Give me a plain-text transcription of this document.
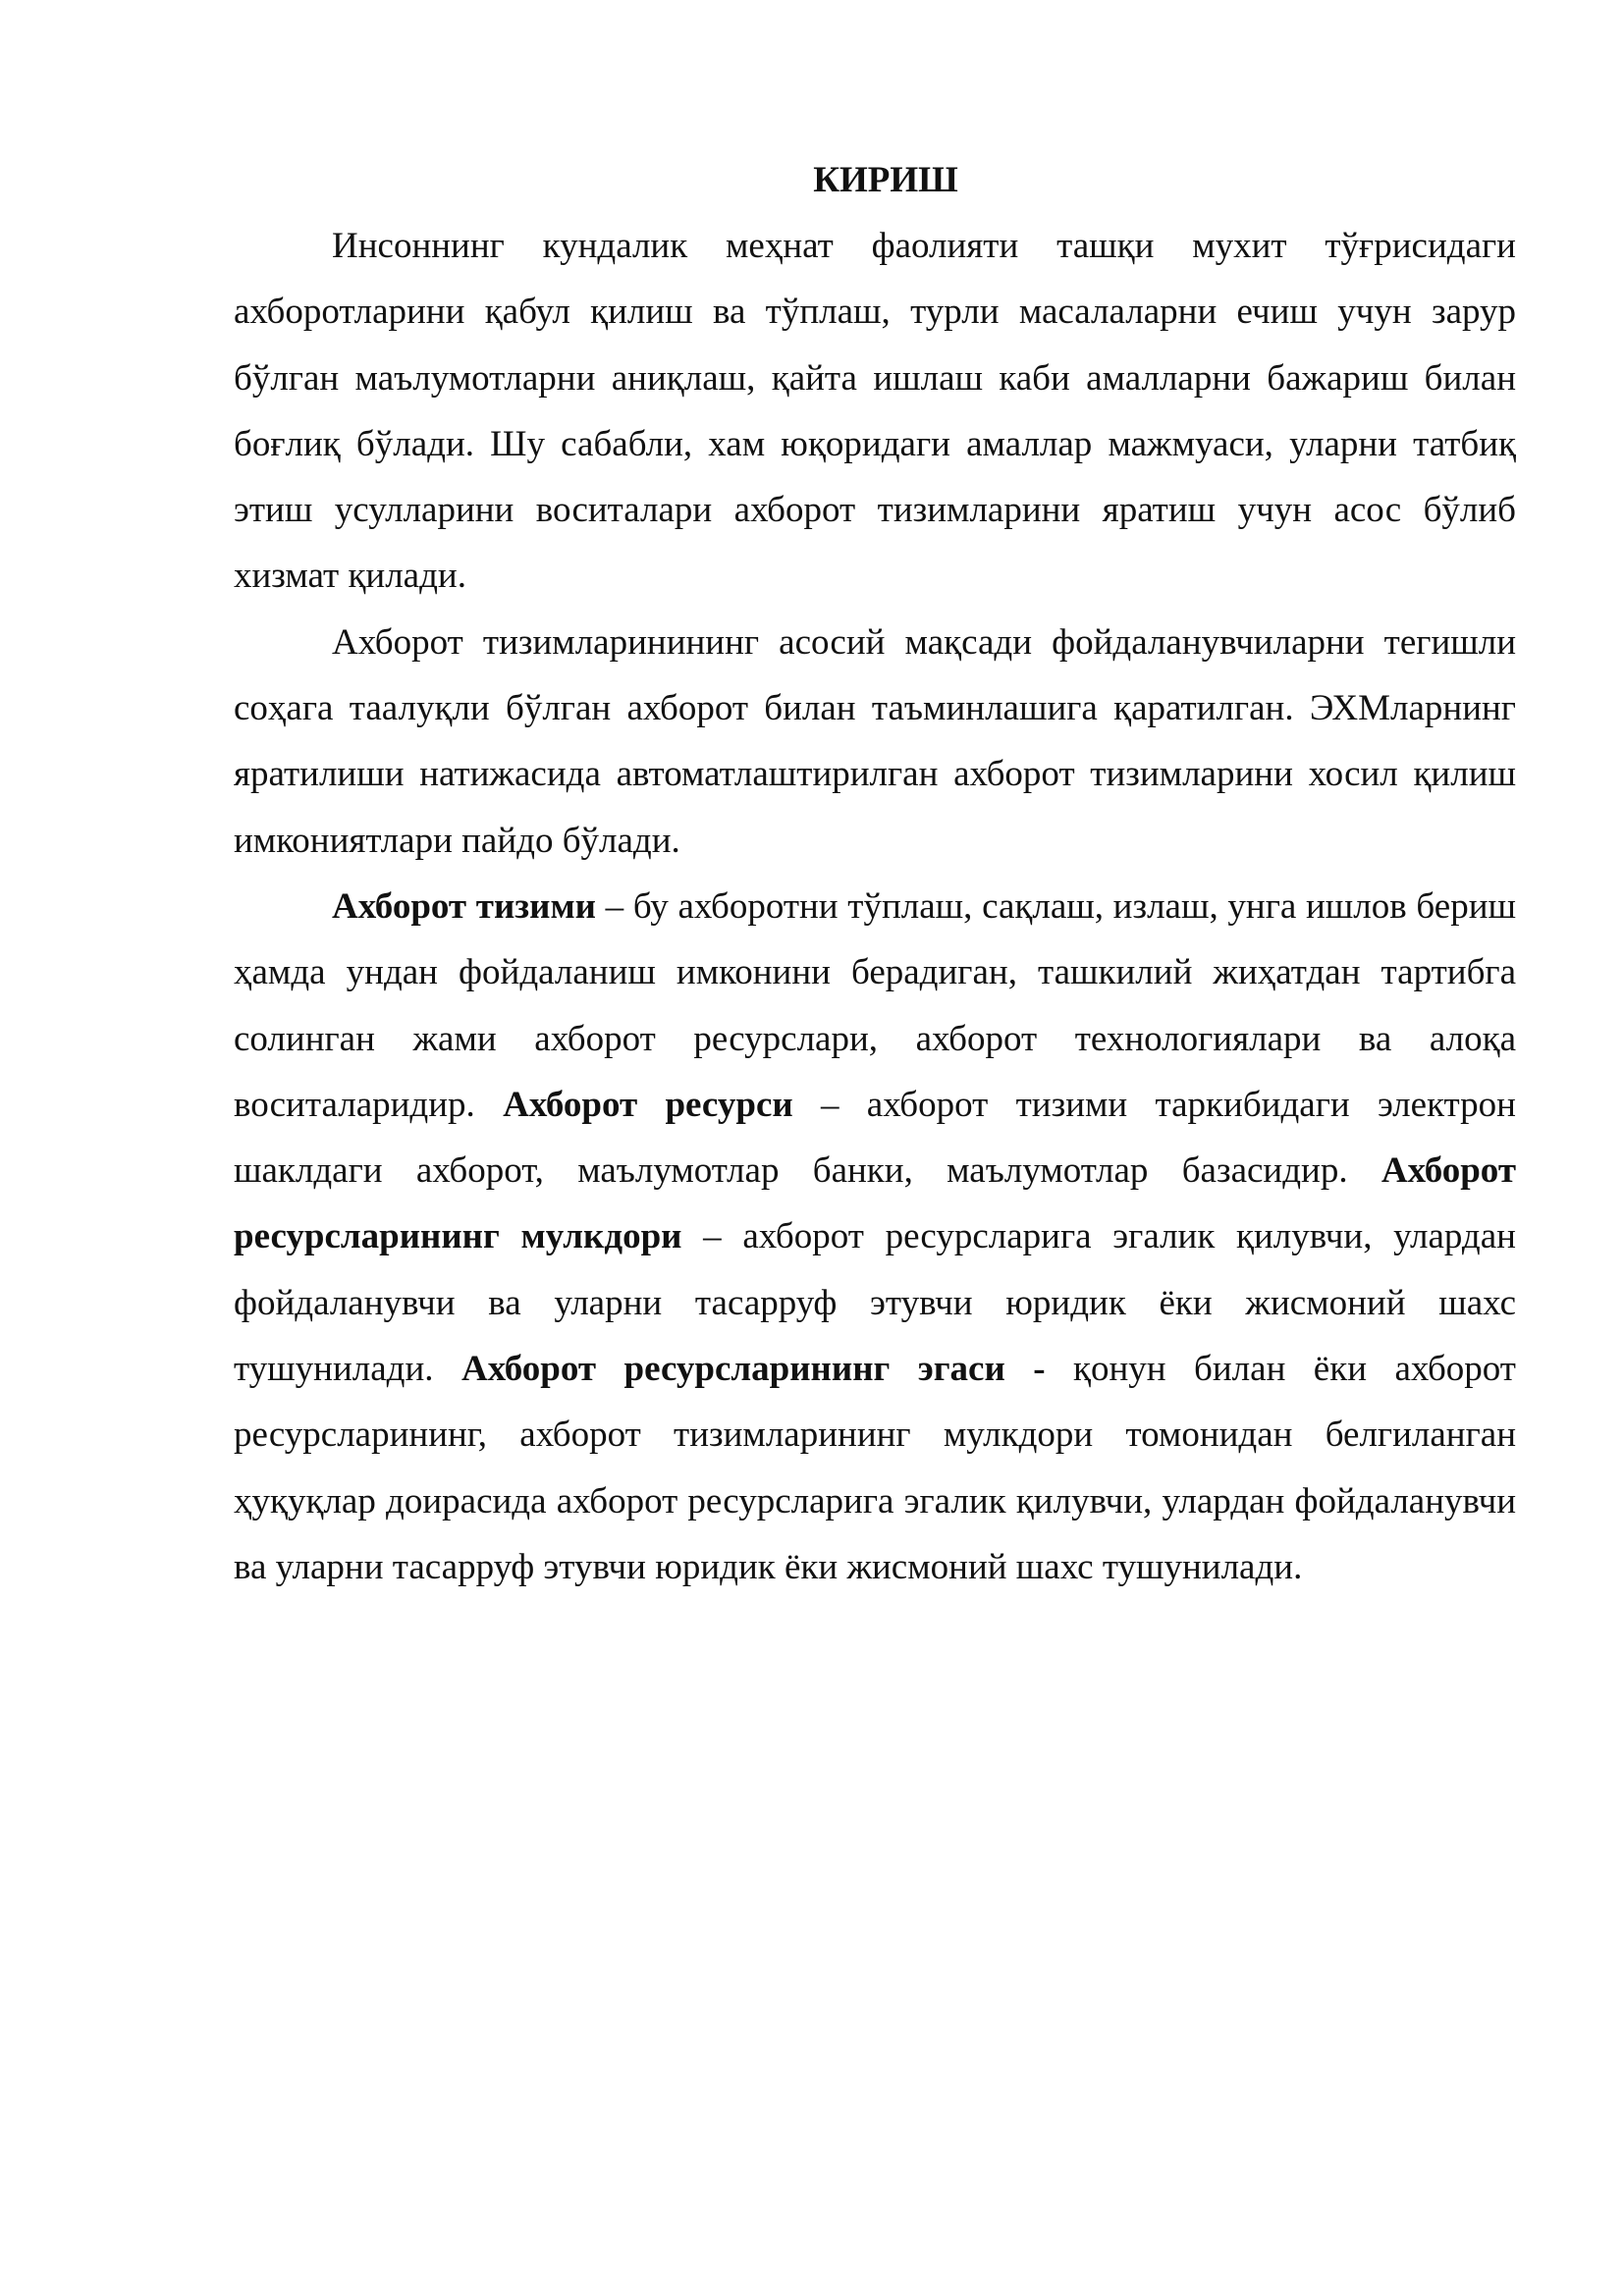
КИРИШ

Инсоннинг кундалик меҳнат фаолияти ташқи мухит тўғрисидаги ахборотларини қабул қилиш ва тўплаш, турли масалаларни ечиш учун зарур бўлган маълумотларни аниқлаш, қайта ишлаш каби амалларни бажариш билан боғлиқ бўлади. Шу сабабли, хам юқоридаги амаллар мажмуаси, уларни татбиқ этиш усулларини воситалари ахборот тизимларини яратиш учун асос бўлиб хизмат қилади.

Ахборот тизимларинининг асосий мақсади фойдаланувчиларни тегишли соҳага таалуқли бўлган ахборот билан таъминлашига қаратилган. ЭХМларнинг яратилиши натижасида автоматлаштирилган ахборот тизимларини хосил қилиш имкониятлари пайдо бўлади.

Ахборот тизими – бу ахборотни тўплаш, сақлаш, излаш, унга ишлов бериш ҳамда ундан фойдаланиш имконини берадиган, ташкилий жиҳатдан тартибга солинган жами ахборот ресурслари, ахборот технологиялари ва алоқа воситаларидир. Ахборот ресурси – ахборот тизими таркибидаги электрон шаклдаги ахборот, маълумотлар банки, маълумотлар базасидир. Ахборот ресурсларининг мулкдори – ахборот ресурсларига эгалик қилувчи, улардан фойдаланувчи ва уларни тасарруф этувчи юридик ёки жисмоний шахс тушунилади. Ахборот ресурсларининг эгаси - қонун билан ёки ахборот ресурсларининг, ахборот тизимларининг мулкдори томонидан белгиланган ҳуқуқлар доирасида ахборот ресурсларига эгалик қилувчи, улардан фойдаланувчи ва уларни тасарруф этувчи юридик ёки жисмоний шахс тушунилади.
